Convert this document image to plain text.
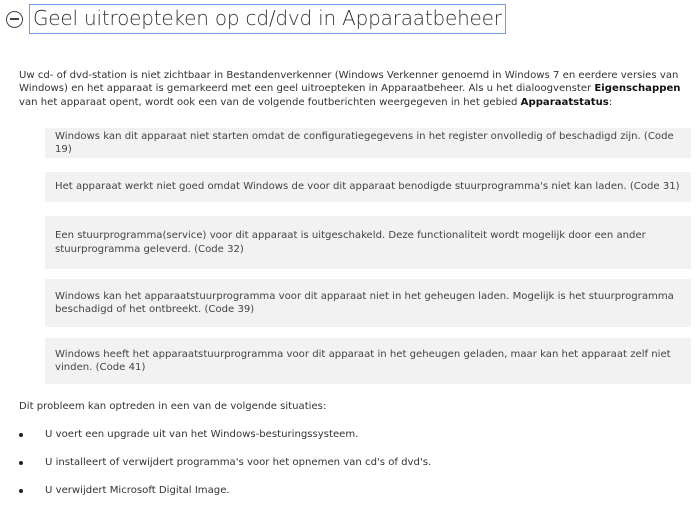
Geel uitroepteken op cd/dvd in Apparaatbeheer

Uw cd- of dvd-station is niet zichtbaar in Bestandenverkenner (Windows Verkenner genoemd in Windows 7 en eerdere versies van Windows) en het apparaat is gemarkeerd met een geel uitroepteken in Apparaatbeheer. Als u het dialoogvenster Eigenschappen van het apparaat opent, wordt ook een van de volgende foutberichten weergegeven in het gebied Apparaatstatus:

Windows kan dit apparaat niet starten omdat de configuratiegegevens in het register onvolledig of beschadigd zijn. (Code 19)
Het apparaat werkt niet goed omdat Windows de voor dit apparaat benodigde stuurprogramma's niet kan laden. (Code 31)
Een stuurprogramma(service) voor dit apparaat is uitgeschakeld. Deze functionaliteit wordt mogelijk door een ander stuurprogramma geleverd. (Code 32)
Windows kan het apparaatstuurprogramma voor dit apparaat niet in het geheugen laden. Mogelijk is het stuurprogramma beschadigd of het ontbreekt. (Code 39)
Windows heeft het apparaatstuurprogramma voor dit apparaat in het geheugen geladen, maar kan het apparaat zelf niet vinden. (Code 41)

Dit probleem kan optreden in een van de volgende situaties:

U voert een upgrade uit van het Windows-besturingssysteem.
U installeert of verwijdert programma's voor het opnemen van cd's of dvd's.
U verwijdert Microsoft Digital Image.
